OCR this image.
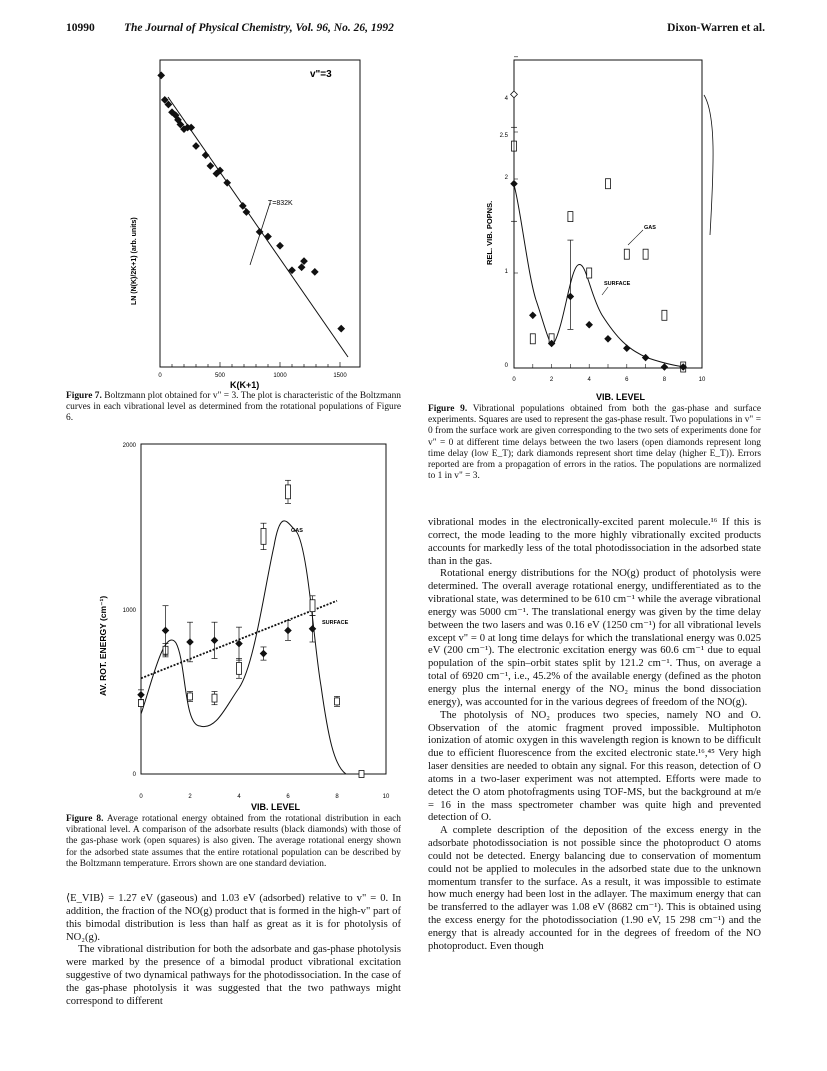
10990	The Journal of Physical Chemistry, Vol. 96, No. 26, 1992	Dixon-Warren et al.
T=832K
v"=3
0	500	1000	1500
K(K+1)
LN (N(K)/2K+1) (arb. units)
Figure 7. Boltzmann plot obtained for v" = 3. The plot is characteristic of the Boltzmann curves in each vibrational level as determined from the rotational populations of Figure 6.
2000
1000
0
0	2	4	6	8	10
VIB. LEVEL
AV. ROT. ENERGY (cm⁻¹)
GAS
SURFACE
Figure 8. Average rotational energy obtained from the rotational distribution in each vibrational level. A comparison of the adsorbate results (black diamonds) with those of the gas-phase work (open squares) is also given. The average rotational energy shown for the adsorbed state assumes that the entire rotational population can be described by the Boltzmann temperature. Errors shown are one standard deviation.
GAS
SURFACE
4
2.5
2
1
0
0	2	4	6	8	10
VIB. LEVEL
REL. VIB. POPNS.
Figure 9. Vibrational populations obtained from both the gas-phase and surface experiments. Squares are used to represent the gas-phase result. Two populations in v" = 0 from the surface work are given corresponding to the two sets of experiments done for v" = 0 at different time delays between the two lasers (open diamonds represent long time delay (low E_T); dark diamonds represent short time delay (higher E_T)). Errors reported are from a propagation of errors in the ratios. The populations are normalized to 1 in v" = 3.

⟨E_VIB⟩ = 1.27 eV (gaseous) and 1.03 eV (adsorbed) relative to v" = 0. In addition, the fraction of the NO(g) product that is formed in the high-v" part of this bimodal distribution is less than half as great as it is for photolysis of NO₂(g).

The vibrational distribution for both the adsorbate and gas-phase photolysis were marked by the presence of a bimodal product vibrational excitation suggestive of two dynamical pathways for the photodissociation. In the case of the gas-phase photolysis it was suggested that the two pathways might correspond to different

vibrational modes in the electronically-excited parent molecule.¹⁶ If this is correct, the mode leading to the more highly vibrationally excited products accounts for markedly less of the total photodissociation in the adsorbed state than in the gas.

Rotational energy distributions for the NO(g) product of photolysis were determined. The overall average rotational energy, undifferentiated as to the vibrational state, was determined to be 610 cm⁻¹ while the average vibrational energy was 5000 cm⁻¹. The translational energy was given by the time delay between the two lasers and was 0.16 eV (1250 cm⁻¹) for all vibrational levels except v" = 0 at long time delays for which the translational energy was 0.025 eV (200 cm⁻¹). The electronic excitation energy was 60.6 cm⁻¹ due to equal population of the spin–orbit states split by 121.2 cm⁻¹. Thus, on average a total of 6920 cm⁻¹, i.e., 45.2% of the available energy (defined as the photon energy plus the internal energy of the NO₂ minus the bond dissociation energy), was accounted for in the various degrees of freedom of the NO(g).

The photolysis of NO₂ produces two species, namely NO and O. Observation of the atomic fragment proved impossible. Multiphoton ionization of atomic oxygen in this wavelength region is known to be difficult due to efficient fluorescence from the excited electronic state.¹⁶,⁴⁵ Very high laser densities are needed to obtain any signal. For this reason, detection of O atoms in a two-laser experiment was not attempted. Efforts were made to detect the O atom photofragments using TOF-MS, but the background at m/e = 16 in the mass spectrometer chamber was quite high and prevented detection of O.

A complete description of the deposition of the excess energy in the adsorbate photodissociation is not possible since the photoproduct O atoms could not be detected. Energy balancing due to conservation of momentum could not be applied to molecules in the adsorbed state due to the unknown momentum transfer to the surface. As a result, it was impossible to estimate how much energy had been lost in the adlayer. The maximum energy that can be transferred to the adlayer was 1.08 eV (8682 cm⁻¹). This is obtained using the excess energy for the photodissociation (1.90 eV, 15 298 cm⁻¹) and the energy that is already accounted for in the degrees of freedom of the NO photoproduct. Even though
